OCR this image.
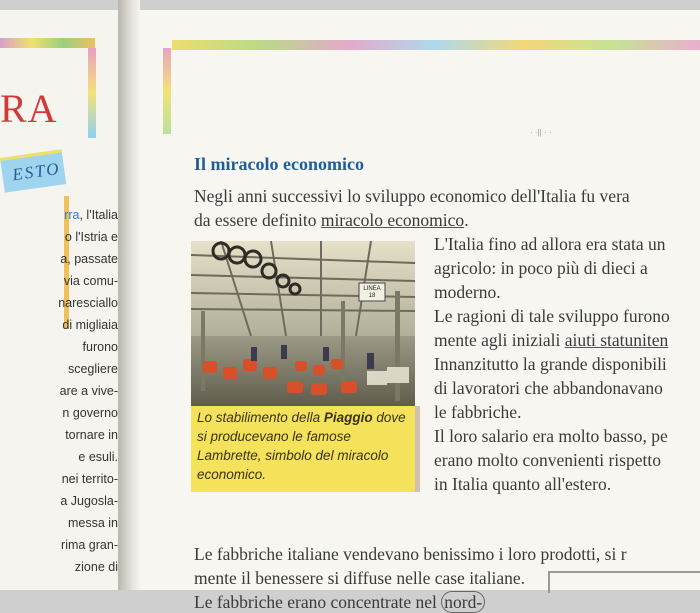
RA
ESTO
rra, l'Italia
o l'Istria e
a, passate
via comu-
naresciallo
di migliaia
furono
scegliere
are a vive-
n governo
tornare in
e esuli.
nei territo-
a Jugosla-
messa in
rima gran-
zione di
· ·|| · ·
Il miracolo economico
Negli anni successivi lo sviluppo economico dell'Italia fu vera
da essere definito miracolo economico.
LINEA 18
Lo stabilimento della Piaggio dove si producevano le famose Lambrette, simbolo del miracolo economico.
L'Italia fino ad allora era stata un
agricolo: in poco più di dieci a
moderno.
Le ragioni di tale sviluppo furono
mente agli iniziali aiuti statuniten
Innanzitutto la grande disponibili
di lavoratori che abbandonavano
le fabbriche.
Il loro salario era molto basso, pe
erano molto convenienti rispetto
in Italia quanto all'estero.
Le fabbriche italiane vendevano benissimo i loro prodotti, si r
mente il benessere si diffuse nelle case italiane.
Le fabbriche erano concentrate nel nord-
